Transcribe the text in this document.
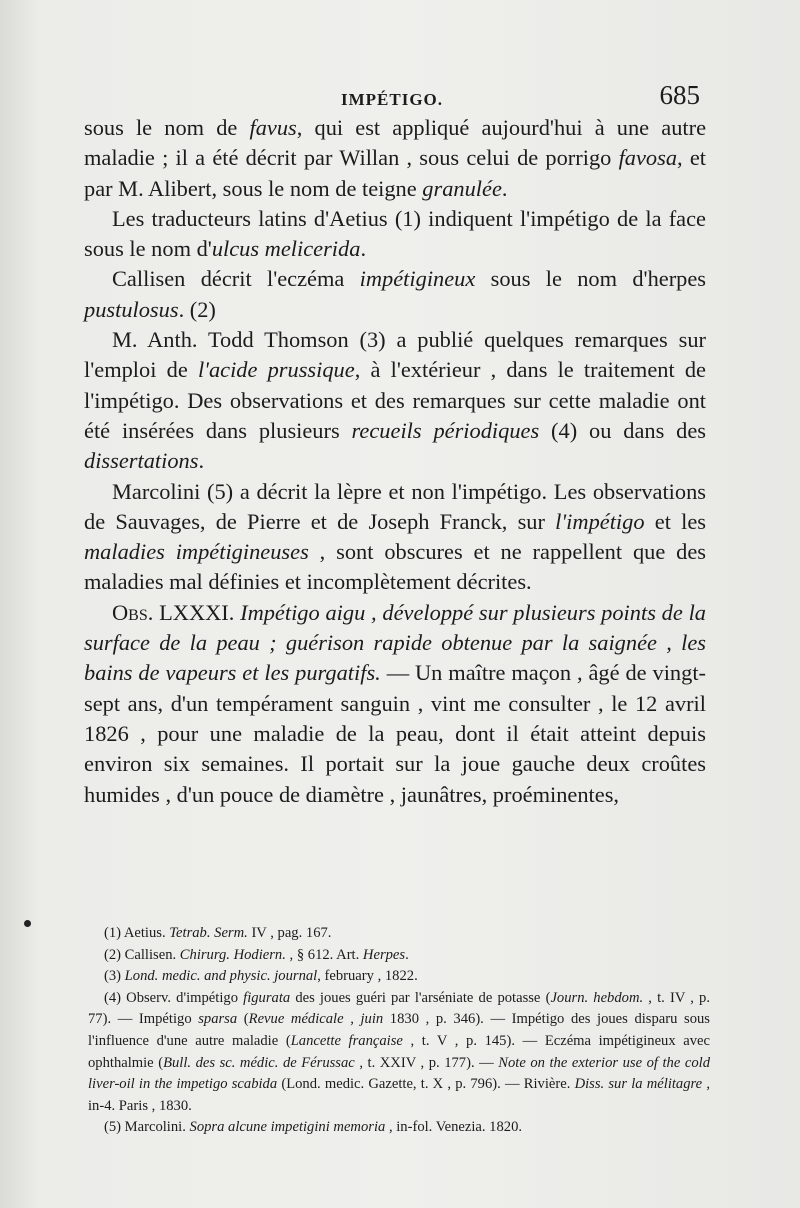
IMPÉTIGO.	685

sous le nom de favus, qui est appliqué aujourd'hui à une autre maladie ; il a été décrit par Willan , sous celui de porrigo favosa, et par M. Alibert, sous le nom de teigne granulée.

Les traducteurs latins d'Aetius (1) indiquent l'impétigo de la face sous le nom d'ulcus melicerida.

Callisen décrit l'eczéma impétigineux sous le nom d'herpes pustulosus. (2)

M. Anth. Todd Thomson (3) a publié quelques remarques sur l'emploi de l'acide prussique, à l'extérieur , dans le traitement de l'impétigo. Des observations et des remarques sur cette maladie ont été insérées dans plusieurs recueils périodiques (4) ou dans des dissertations.

Marcolini (5) a décrit la lèpre et non l'impétigo. Les observations de Sauvages, de Pierre et de Joseph Franck, sur l'impétigo et les maladies impétigineuses , sont obscures et ne rappellent que des maladies mal définies et incomplètement décrites.

Obs. LXXXI. Impétigo aigu , développé sur plusieurs points de la surface de la peau ; guérison rapide obtenue par la saignée , les bains de vapeurs et les purgatifs. — Un maître maçon , âgé de vingt-sept ans, d'un tempérament sanguin , vint me consulter , le 12 avril 1826 , pour une maladie de la peau, dont il était atteint depuis environ six semaines. Il portait sur la joue gauche deux croûtes humides , d'un pouce de diamètre , jaunâtres, proéminentes,

(1) Aetius. Tetrab. Serm. IV , pag. 167.

(2) Callisen. Chirurg. Hodiern. , § 612. Art. Herpes.

(3) Lond. medic. and physic. journal, february , 1822.

(4) Observ. d'impétigo figurata des joues guéri par l'arséniate de potasse (Journ. hebdom. , t. IV , p. 77). — Impétigo sparsa (Revue médicale , juin 1830 , p. 346). — Impétigo des joues disparu sous l'influence d'une autre maladie (Lancette française , t. V , p. 145). — Eczéma impétigineux avec ophthalmie (Bull. des sc. médic. de Férussac , t. XXIV , p. 177). — Note on the exterior use of the cold liver-oil in the impetigo scabida (Lond. medic. Gazette, t. X , p. 796). — Rivière. Diss. sur la mélitagre , in-4. Paris , 1830.

(5) Marcolini. Sopra alcune impetigini memoria , in-fol. Venezia. 1820.
